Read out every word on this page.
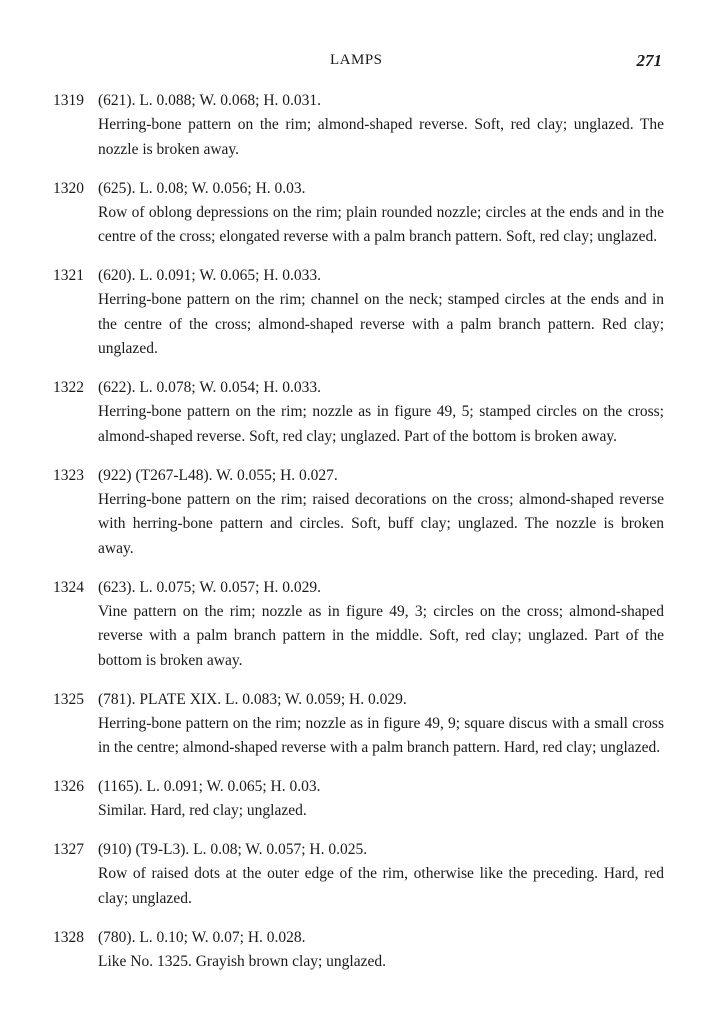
LAMPS	271
1319 (621). L. 0.088; W. 0.068; H. 0.031.
Herring-bone pattern on the rim; almond-shaped reverse. Soft, red clay; unglazed. The nozzle is broken away.
1320 (625). L. 0.08; W. 0.056; H. 0.03.
Row of oblong depressions on the rim; plain rounded nozzle; circles at the ends and in the centre of the cross; elongated reverse with a palm branch pattern. Soft, red clay; unglazed.
1321 (620). L. 0.091; W. 0.065; H. 0.033.
Herring-bone pattern on the rim; channel on the neck; stamped circles at the ends and in the centre of the cross; almond-shaped reverse with a palm branch pattern. Red clay; unglazed.
1322 (622). L. 0.078; W. 0.054; H. 0.033.
Herring-bone pattern on the rim; nozzle as in figure 49, 5; stamped circles on the cross; almond-shaped reverse. Soft, red clay; unglazed. Part of the bottom is broken away.
1323 (922) (T267-L48). W. 0.055; H. 0.027.
Herring-bone pattern on the rim; raised decorations on the cross; almond-shaped reverse with herring-bone pattern and circles. Soft, buff clay; unglazed. The nozzle is broken away.
1324 (623). L. 0.075; W. 0.057; H. 0.029.
Vine pattern on the rim; nozzle as in figure 49, 3; circles on the cross; almond-shaped reverse with a palm branch pattern in the middle. Soft, red clay; unglazed. Part of the bottom is broken away.
1325 (781). PLATE XIX. L. 0.083; W. 0.059; H. 0.029.
Herring-bone pattern on the rim; nozzle as in figure 49, 9; square discus with a small cross in the centre; almond-shaped reverse with a palm branch pattern. Hard, red clay; unglazed.
1326 (1165). L. 0.091; W. 0.065; H. 0.03.
Similar. Hard, red clay; unglazed.
1327 (910) (T9-L3). L. 0.08; W. 0.057; H. 0.025.
Row of raised dots at the outer edge of the rim, otherwise like the preceding. Hard, red clay; unglazed.
1328 (780). L. 0.10; W. 0.07; H. 0.028.
Like No. 1325. Grayish brown clay; unglazed.
